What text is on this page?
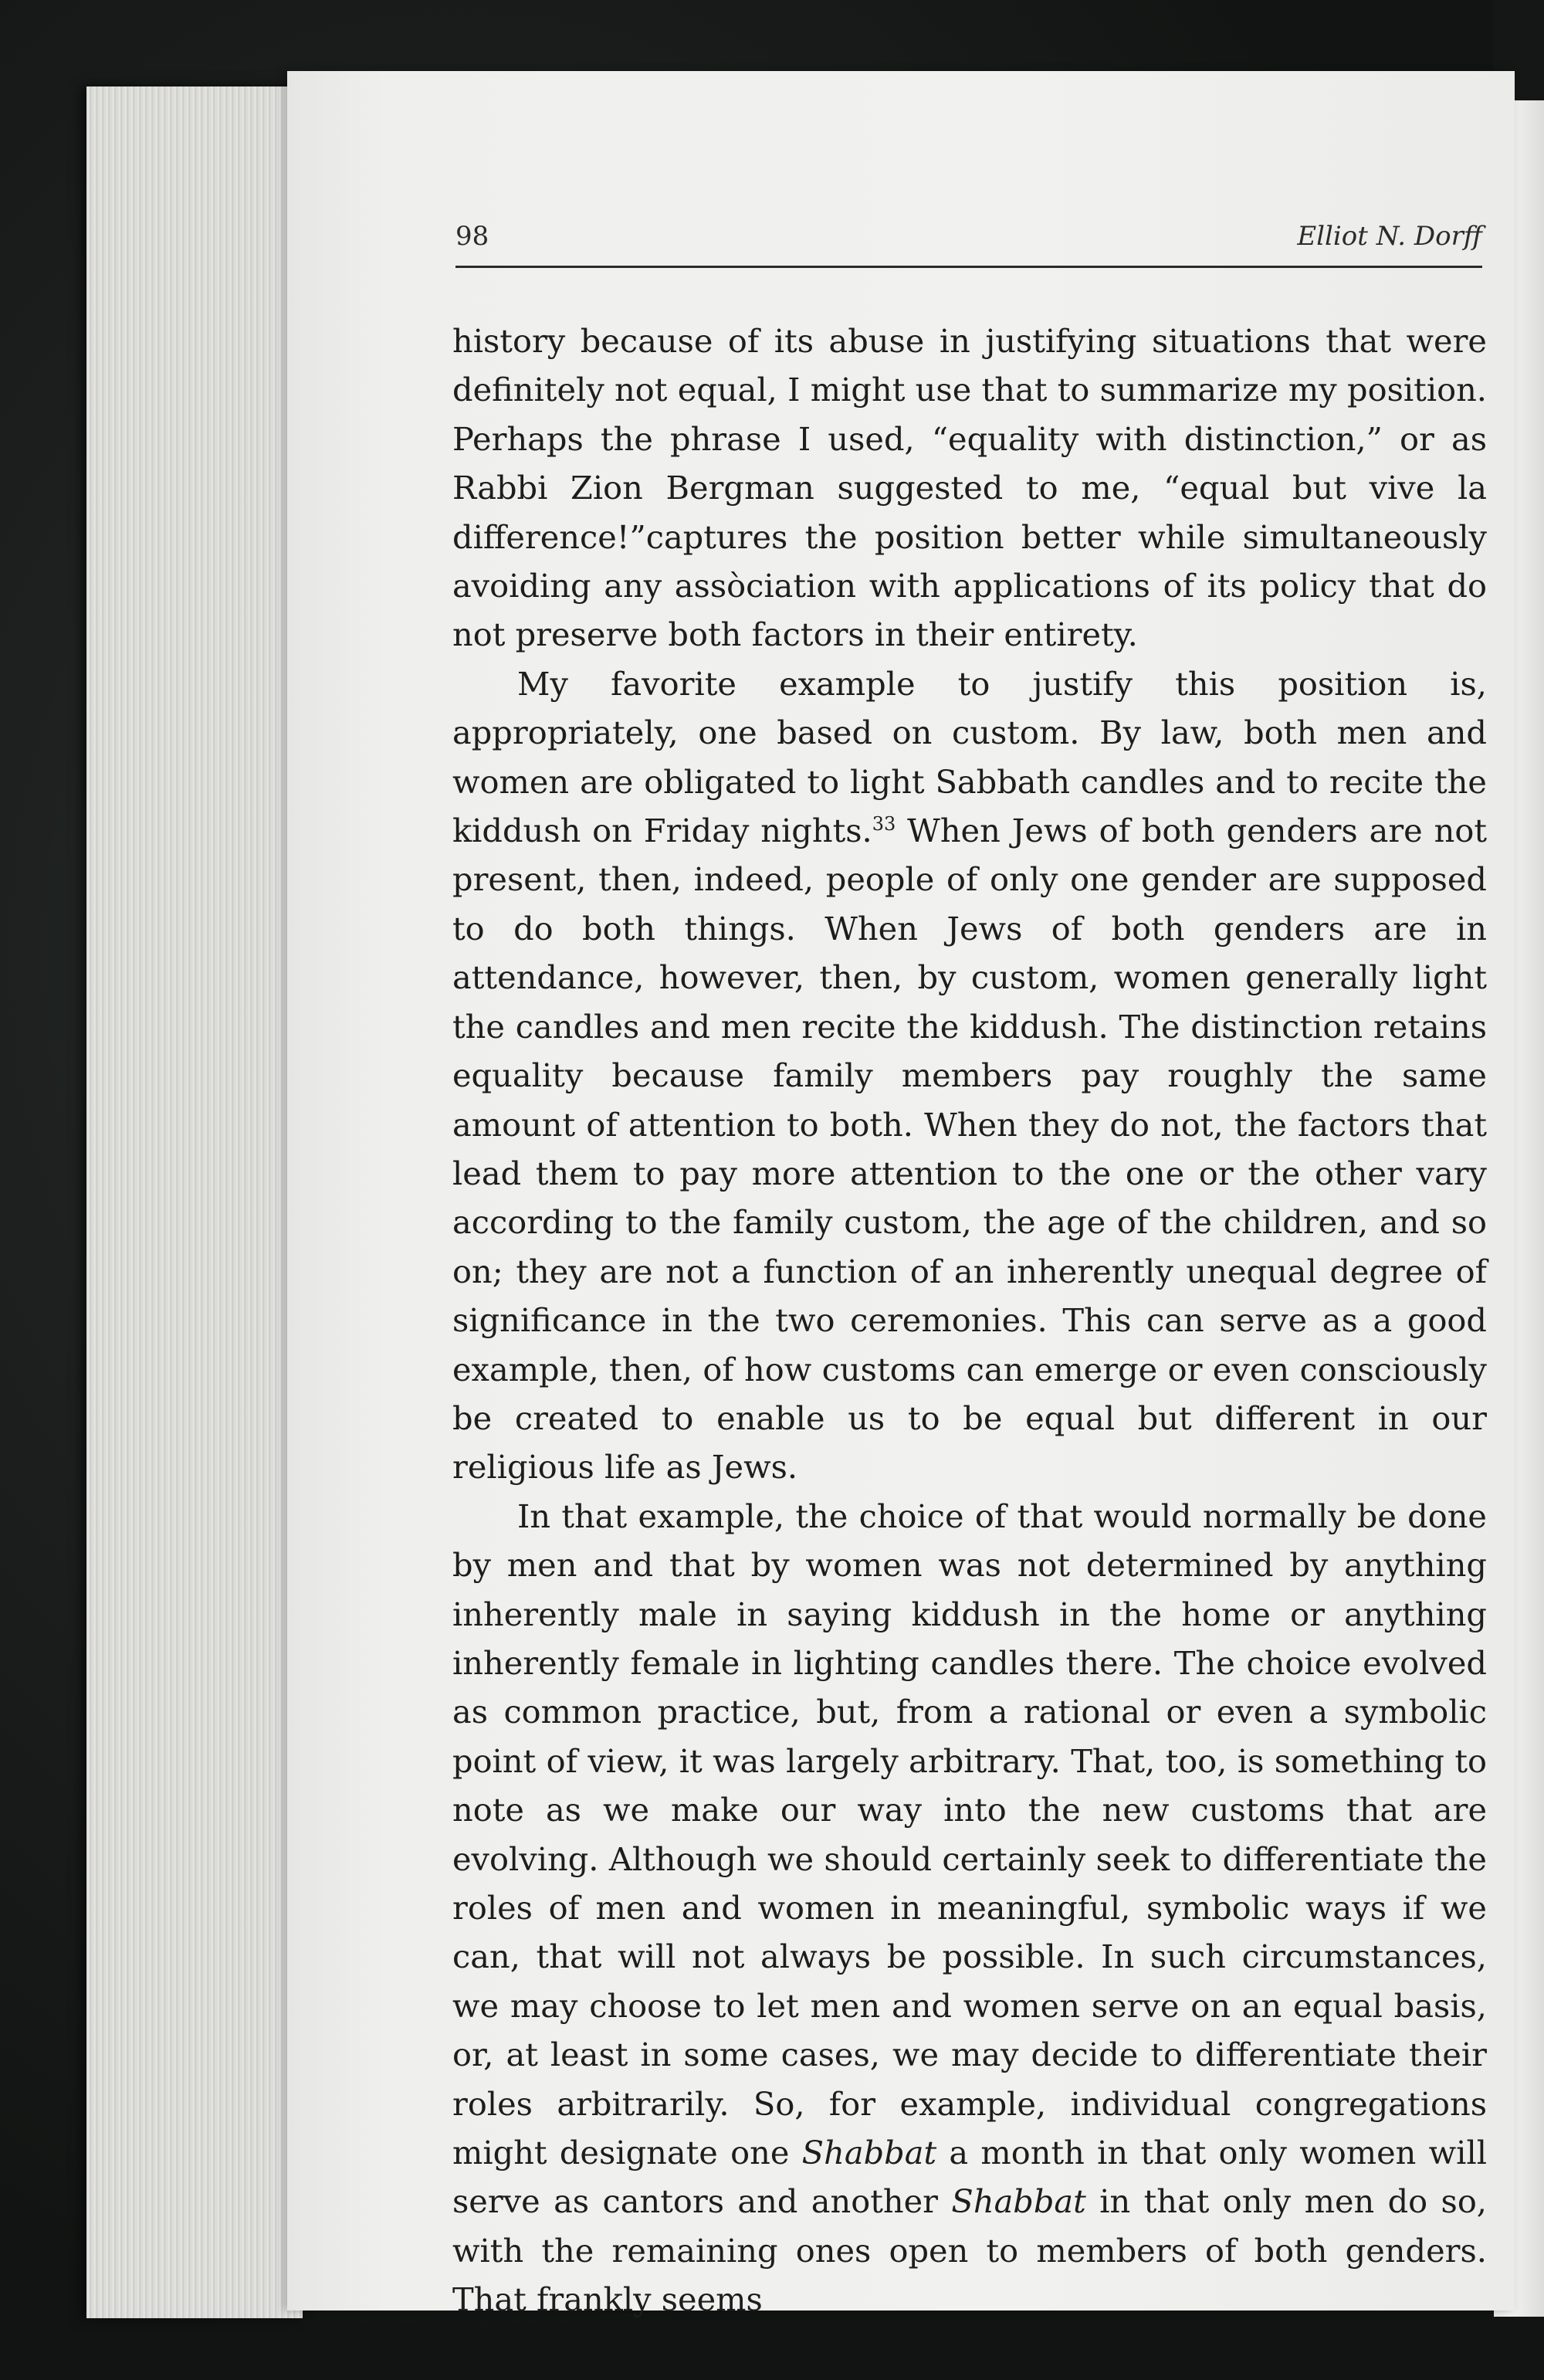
98	Elliot N. Dorff

history because of its abuse in justifying situations that were definitely not equal, I might use that to summarize my position. Perhaps the phrase I used, “equality with distinction,” or as Rabbi Zion Bergman suggested to me, “equal but vive la difference!”captures the position better while simultaneously avoiding any assòciation with applications of its policy that do not preserve both factors in their entirety.

My favorite example to justify this position is, appropriately, one based on custom. By law, both men and women are obligated to light Sabbath candles and to recite the kiddush on Friday nights.$^{33}$ When Jews of both genders are not present, then, indeed, people of only one gender are supposed to do both things. When Jews of both genders are in attendance, however, then, by custom, women generally light the candles and men recite the kiddush. The distinction retains equality because family members pay roughly the same amount of attention to both. When they do not, the factors that lead them to pay more attention to the one or the other vary according to the family custom, the age of the children, and so on; they are not a function of an inherently unequal degree of significance in the two ceremonies. This can serve as a good example, then, of how customs can emerge or even consciously be created to enable us to be equal but different in our religious life as Jews.

In that example, the choice of that would normally be done by men and that by women was not determined by anything inherently male in saying kiddush in the home or anything inherently female in lighting candles there. The choice evolved as common practice, but, from a rational or even a symbolic point of view, it was largely arbitrary. That, too, is something to note as we make our way into the new customs that are evolving. Although we should certainly seek to differentiate the roles of men and women in meaningful, symbolic ways if we can, that will not always be possible. In such circumstances, we may choose to let men and women serve on an equal basis, or, at least in some cases, we may decide to differentiate their roles arbitrarily. So, for example, individual congregations might designate one Shabbat a month in that only women will serve as cantors and another Shabbat in that only men do so, with the remaining ones open to members of both genders. That frankly seems
